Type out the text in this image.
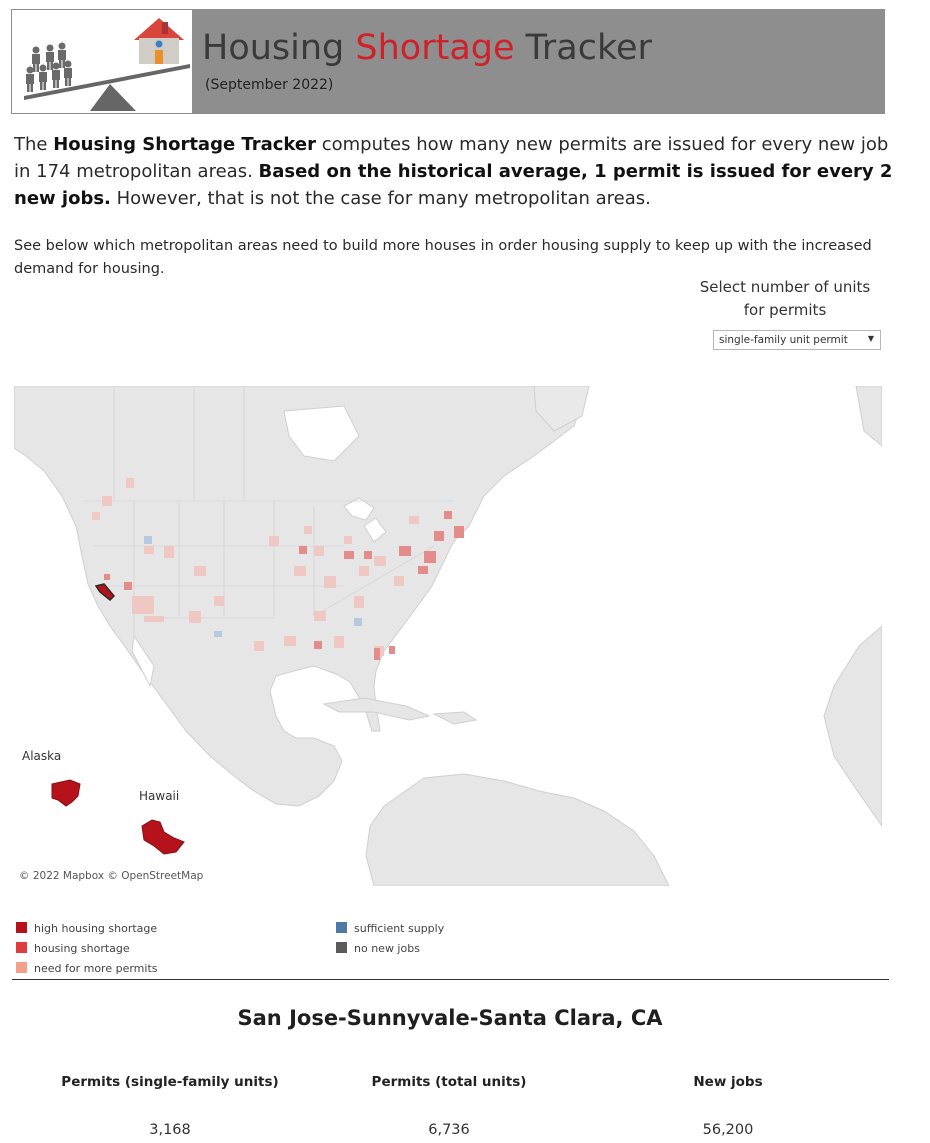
Housing Shortage Tracker
(September 2022)
The Housing Shortage Tracker computes how many new permits are issued for every new job in 174 metropolitan areas. Based on the historical average, 1 permit is issued for every 2 new jobs. However, that is not the case for many metropolitan areas.
See below which metropolitan areas need to build more houses in order housing supply to keep up with the increased demand for housing.
Select number of units for permits
single-family unit permit	▼
Alaska
Hawaii
© 2022 Mapbox © OpenStreetMap
high housing shortage
housing shortage
need for more permits
sufficient supply
no new jobs
San Jose-Sunnyvale-Santa Clara, CA
Permits (single-family units)	Permits (total units)	New jobs
3,168	6,736	56,200
